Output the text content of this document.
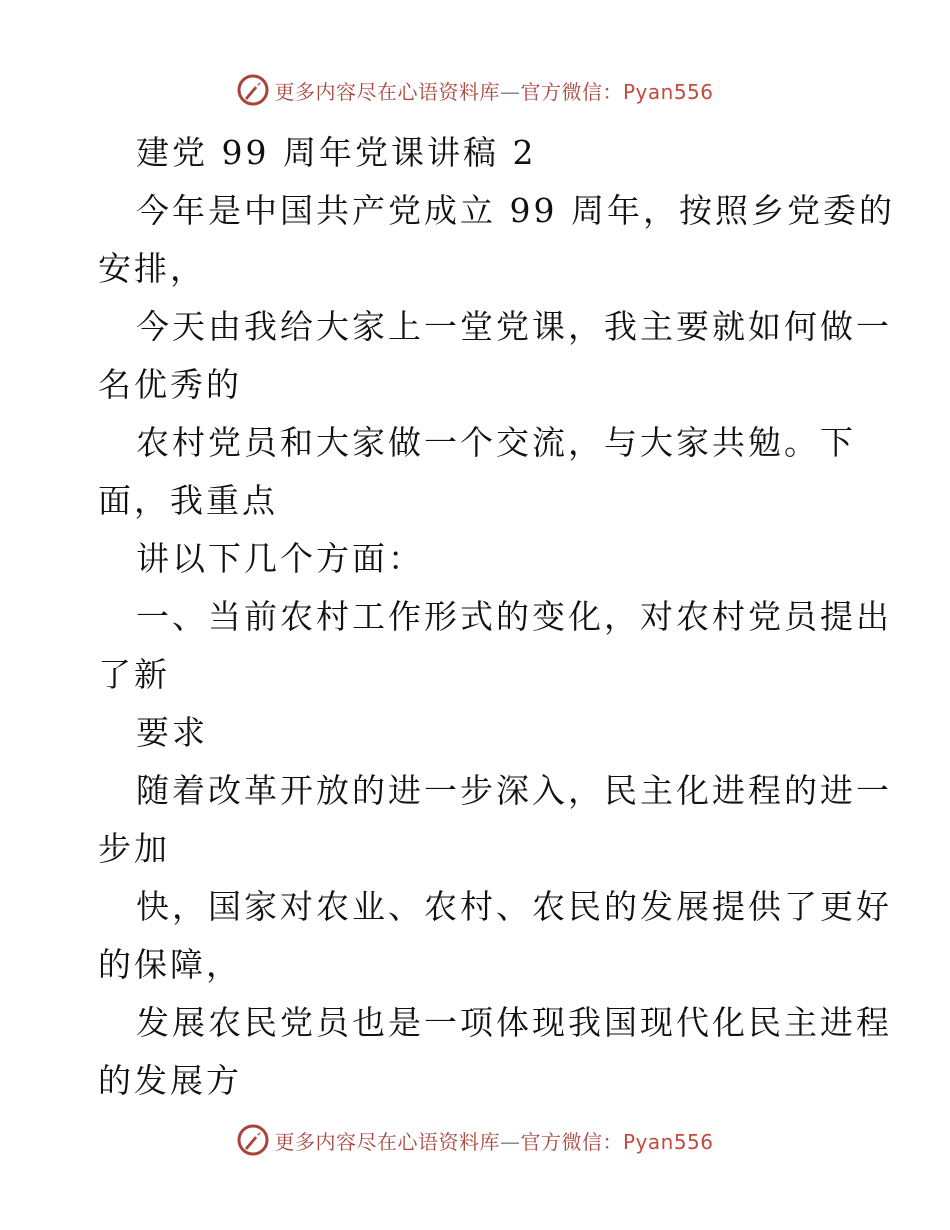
更多内容尽在心语资料库—官方微信：Pyan556
建党 99 周年党课讲稿 2
今年是中国共产党成立 99 周年，按照乡党委的
安排，
今天由我给大家上一堂党课，我主要就如何做一
名优秀的
农村党员和大家做一个交流，与大家共勉。下
面，我重点
讲以下几个方面：
一、当前农村工作形式的变化，对农村党员提出
了新
要求
随着改革开放的进一步深入，民主化进程的进一
步加
快，国家对农业、农村、农民的发展提供了更好
的保障，
发展农民党员也是一项体现我国现代化民主进程
的发展方
更多内容尽在心语资料库—官方微信：Pyan556
